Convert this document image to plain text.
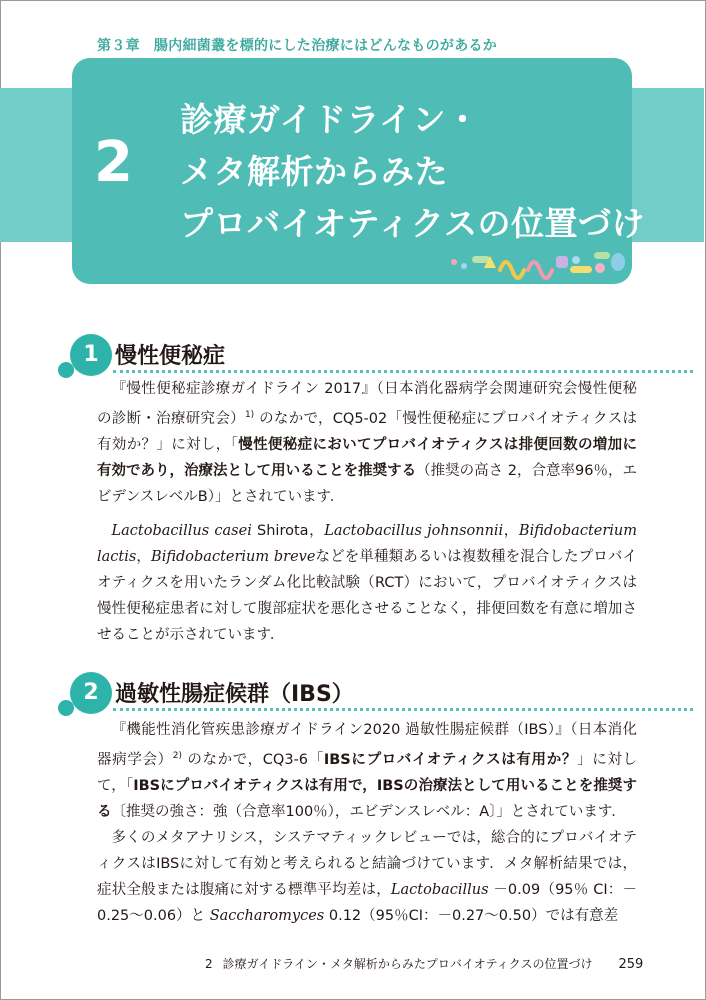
第３章 腸内細菌叢を標的にした治療にはどんなものがあるか
2
診療ガイドライン・
メタ解析からみた
プロバイオティクスの位置づけ
1 慢性便秘症

『慢性便秘症診療ガイドライン 2017』（日本消化器病学会関連研究会慢性便秘の診断・治療研究会）$^{1)}$ のなかで，CQ5-02「慢性便秘症にプロバイオティクスは有効か？」に対し，「慢性便秘症においてプロバイオティクスは排便回数の増加に有効であり，治療法として用いることを推奨する（推奨の高さ 2，合意率96％，エビデンスレベルB）」とされています．

Lactobacillus casei Shirota，Lactobacillus johnsonnii，Bifidobacterium lactis，Bifidobacterium breveなどを単種類あるいは複数種を混合したプロバイオティクスを用いたランダム化比較試験（RCT）において，プロバイオティクスは慢性便秘症患者に対して腹部症状を悪化させることなく，排便回数を有意に増加させることが示されています．

2 過敏性腸症候群（IBS）

『機能性消化管疾患診療ガイドライン2020 過敏性腸症候群（IBS）』（日本消化器病学会）$^{2)}$ のなかで，CQ3-6「IBSにプロバイオティクスは有用か？」に対して，「IBSにプロバイオティクスは有用で，IBSの治療法として用いることを推奨する〔推奨の強さ：強（合意率100％），エビデンスレベル：A〕」とされています．

多くのメタアナリシス，システマティックレビューでは，総合的にプロバイオティクスはIBSに対して有効と考えられると結論づけています．メタ解析結果では，症状全般または腹痛に対する標準平均差は，Lactobacillus －0.09（95％ CI：－0.25～0.06）と Saccharomyces 0.12（95％CI：－0.27～0.50）では有意差

2 診療ガイドライン・メタ解析からみたプロバイオティクスの位置づけ 259
